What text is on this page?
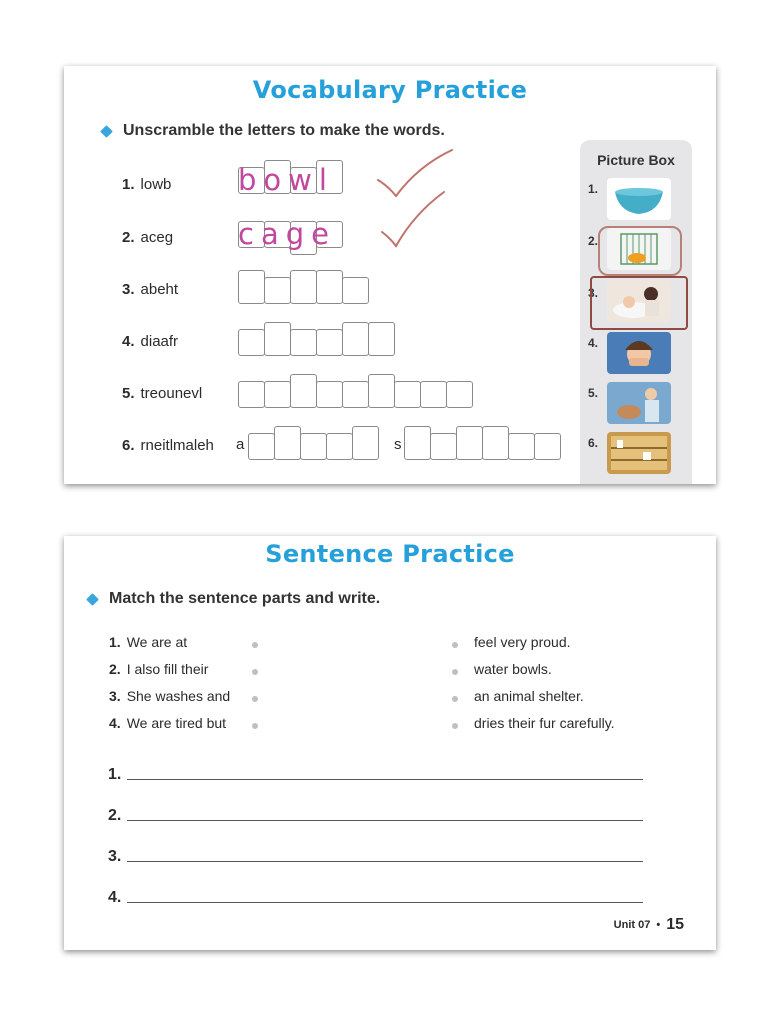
Vocabulary Practice
Unscramble the letters to make the words.
1. lowb bowl
2. aceg cage
3. abeht
4. diaafr
5. treounevl
6. rneitlmaleh a	s
Picture Box
1.
2.
3.
4.
5.
6.
Sentence Practice
Match the sentence parts and write.
1. We are at
2. I also fill their
3. She washes and
4. We are tired but
feel very proud.
water bowls.
an animal shelter.
dries their fur carefully.
1.
2.
3.
4.
Unit 07 • 15
